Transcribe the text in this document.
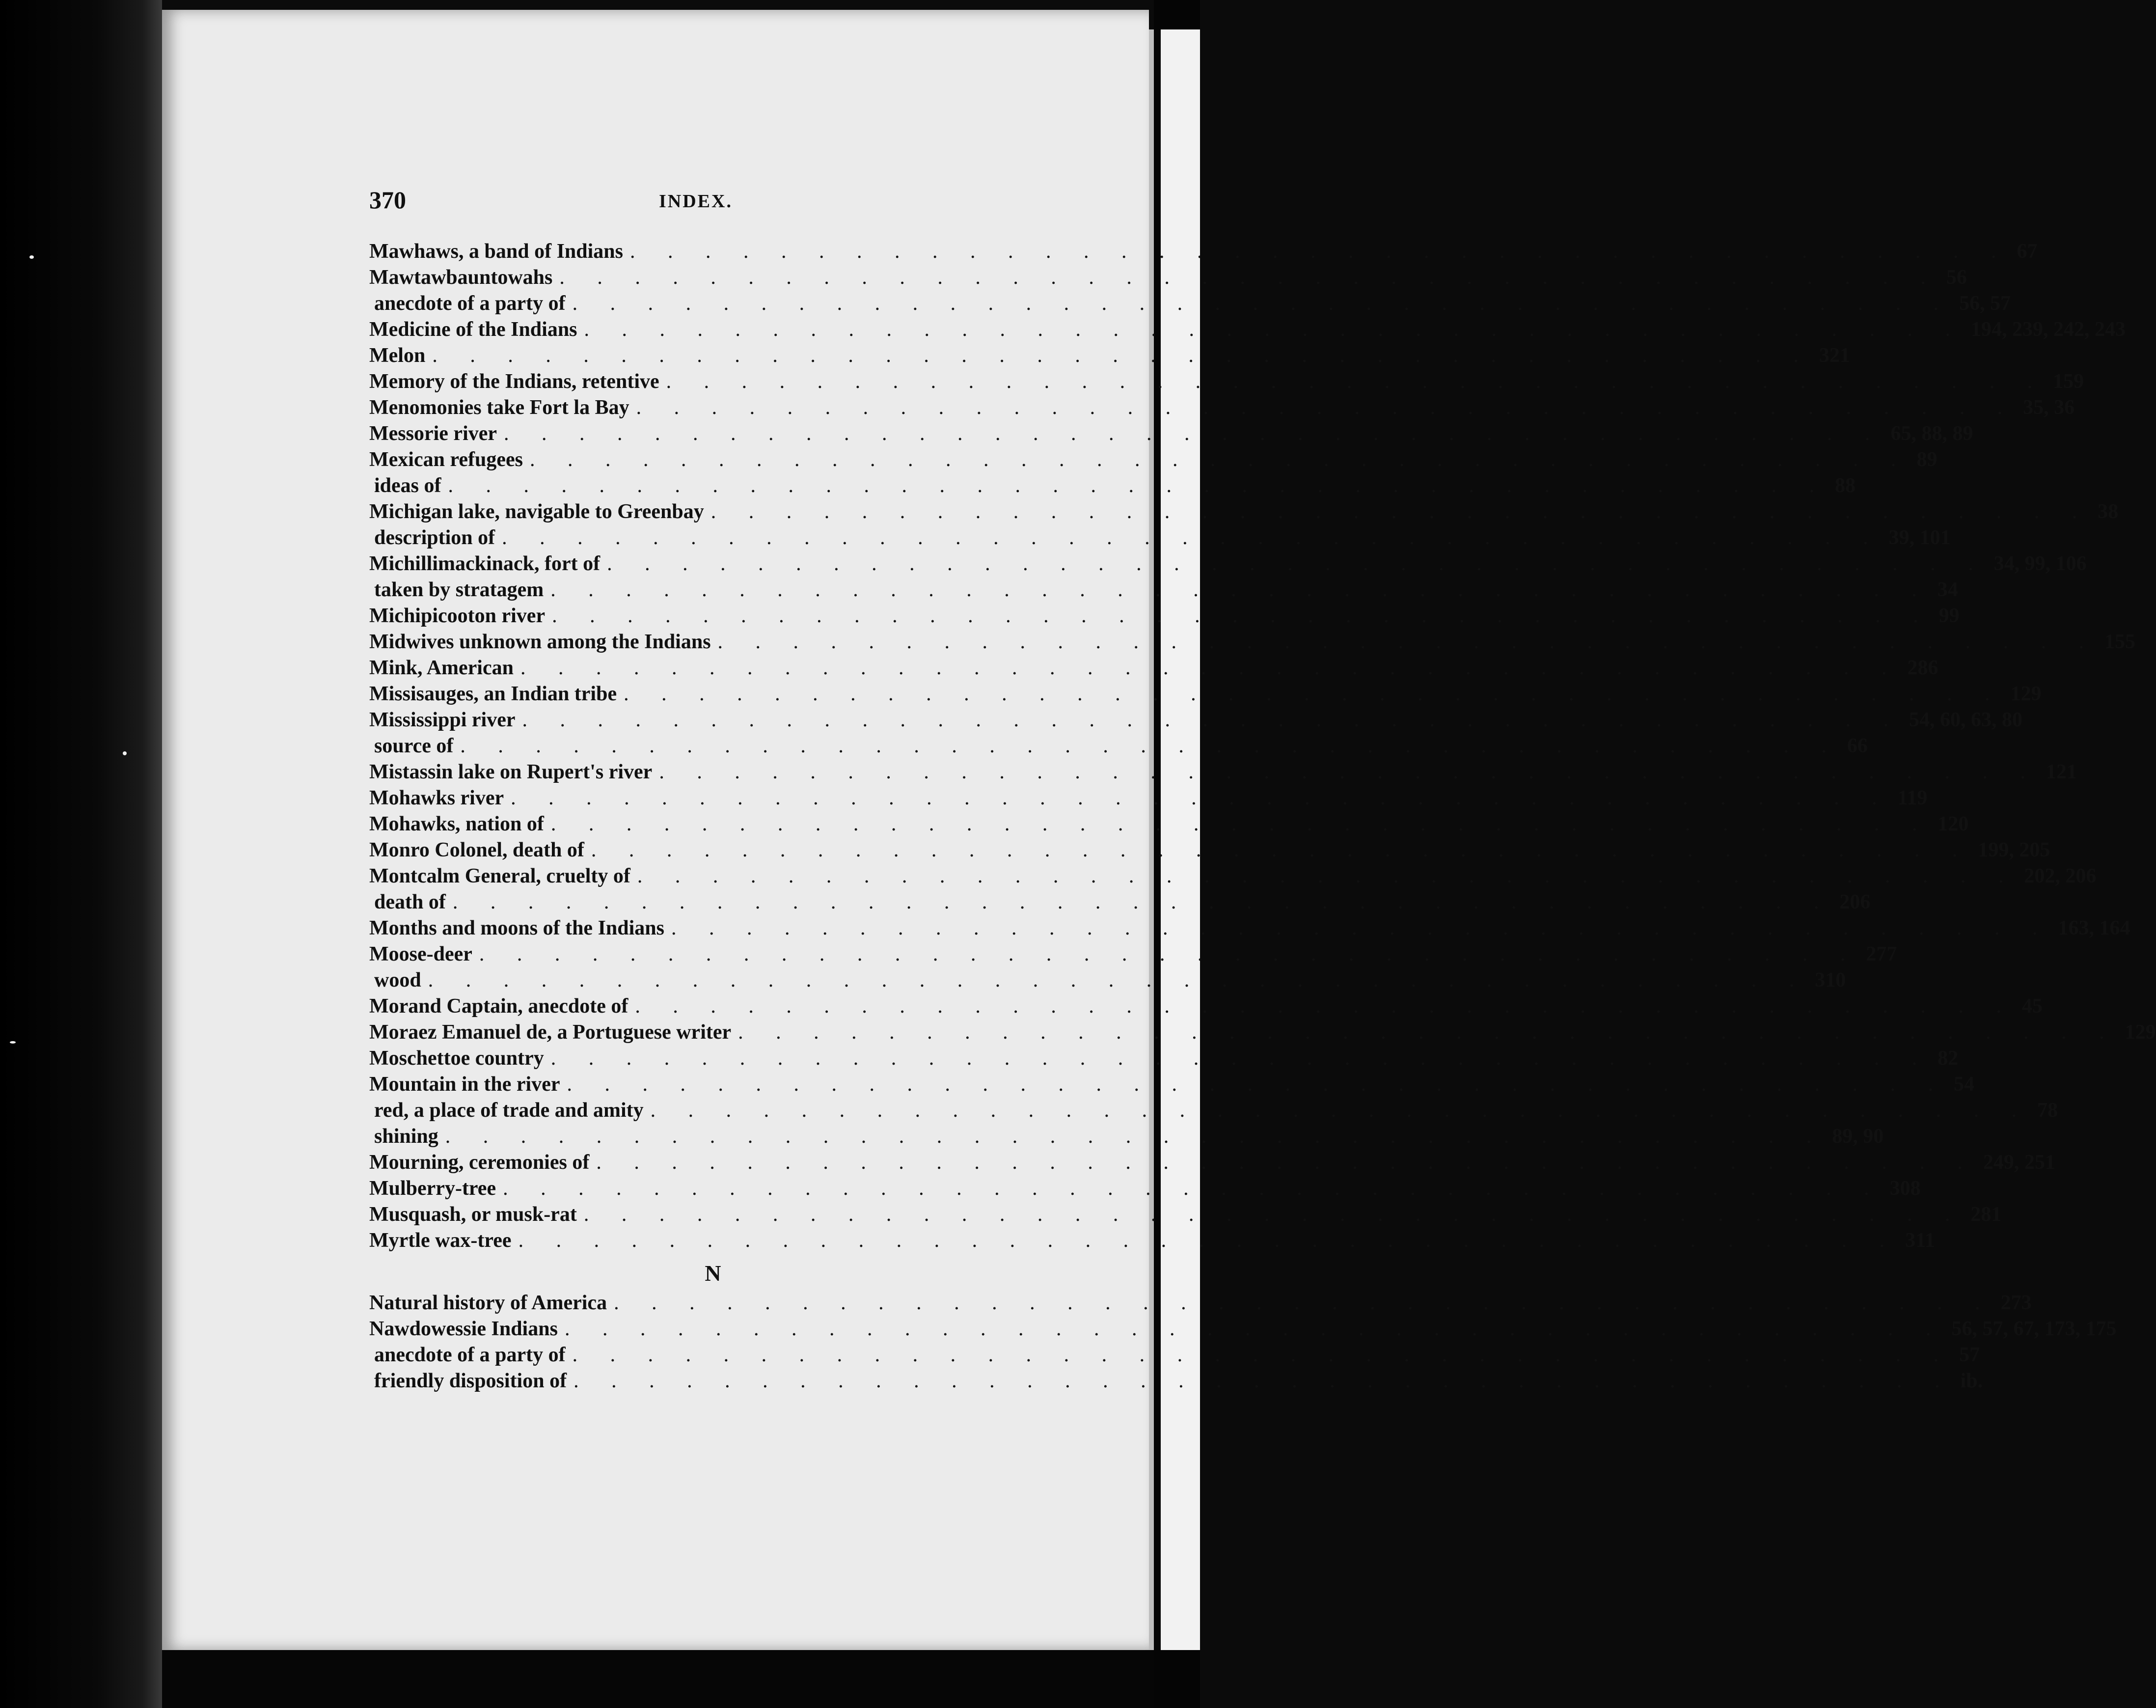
370	INDEX.
Mawhaws, a band of Indians . . . . . . . . . . . . . . . . . . . . . . . . . . . . . . . . . . . . . 67
Mawtawbauntowahs . . . . . . . . . . . . . . . . . . . . . . . . . . . . . . . . . . . . . 56
anecdote of a party of . . . . . . . . . . . . . . . . . . . . . . . . . . . . . . . . . . . . . 56, 57
Medicine of the Indians . . . . . . . . . . . . . . . . . . . . . . . . . . . . . . . . . . . . . 194, 239, 242, 243
Melon . . . . . . . . . . . . . . . . . . . . . . . . . . . . . . . . . . . . . 321
Memory of the Indians, retentive . . . . . . . . . . . . . . . . . . . . . . . . . . . . . . . . . . . . . 159
Menomonies take Fort la Bay . . . . . . . . . . . . . . . . . . . . . . . . . . . . . . . . . . . . . 35, 36
Messorie river . . . . . . . . . . . . . . . . . . . . . . . . . . . . . . . . . . . . . 65, 88, 89
Mexican refugees . . . . . . . . . . . . . . . . . . . . . . . . . . . . . . . . . . . . . 89
ideas of . . . . . . . . . . . . . . . . . . . . . . . . . . . . . . . . . . . . . 88
Michigan lake, navigable to Greenbay . . . . . . . . . . . . . . . . . . . . . . . . . . . . . . . . . . . . . 38
description of . . . . . . . . . . . . . . . . . . . . . . . . . . . . . . . . . . . . . 39, 101
Michillimackinack, fort of . . . . . . . . . . . . . . . . . . . . . . . . . . . . . . . . . . . . . 34, 99, 106
taken by stratagem . . . . . . . . . . . . . . . . . . . . . . . . . . . . . . . . . . . . . 34
Michipicooton river . . . . . . . . . . . . . . . . . . . . . . . . . . . . . . . . . . . . . 99
Midwives unknown among the Indians . . . . . . . . . . . . . . . . . . . . . . . . . . . . . . . . . . . . . 155
Mink, American . . . . . . . . . . . . . . . . . . . . . . . . . . . . . . . . . . . . . 286
Missisauges, an Indian tribe . . . . . . . . . . . . . . . . . . . . . . . . . . . . . . . . . . . . . 129
Mississippi river . . . . . . . . . . . . . . . . . . . . . . . . . . . . . . . . . . . . . 54, 60, 63, 80
source of . . . . . . . . . . . . . . . . . . . . . . . . . . . . . . . . . . . . . 66
Mistassin lake on Rupert's river . . . . . . . . . . . . . . . . . . . . . . . . . . . . . . . . . . . . . 121
Mohawks river . . . . . . . . . . . . . . . . . . . . . . . . . . . . . . . . . . . . . 119
Mohawks, nation of . . . . . . . . . . . . . . . . . . . . . . . . . . . . . . . . . . . . . 120
Monro Colonel, death of . . . . . . . . . . . . . . . . . . . . . . . . . . . . . . . . . . . . . 199, 205
Montcalm General, cruelty of . . . . . . . . . . . . . . . . . . . . . . . . . . . . . . . . . . . . . 202, 206
death of . . . . . . . . . . . . . . . . . . . . . . . . . . . . . . . . . . . . . 206
Months and moons of the Indians . . . . . . . . . . . . . . . . . . . . . . . . . . . . . . . . . . . . . 163, 164
Moose-deer . . . . . . . . . . . . . . . . . . . . . . . . . . . . . . . . . . . . . 277
wood . . . . . . . . . . . . . . . . . . . . . . . . . . . . . . . . . . . . . 310
Morand Captain, anecdote of . . . . . . . . . . . . . . . . . . . . . . . . . . . . . . . . . . . . . 45
Moraez Emanuel de, a Portuguese writer . . . . . . . . . . . . . . . . . . . . . . . . . . . . . . . . . . . . . 129
Moschettoe country . . . . . . . . . . . . . . . . . . . . . . . . . . . . . . . . . . . . . 82
Mountain in the river . . . . . . . . . . . . . . . . . . . . . . . . . . . . . . . . . . . . . 54
red, a place of trade and amity . . . . . . . . . . . . . . . . . . . . . . . . . . . . . . . . . . . . . 78
shining . . . . . . . . . . . . . . . . . . . . . . . . . . . . . . . . . . . . . 89, 90
Mourning, ceremonies of . . . . . . . . . . . . . . . . . . . . . . . . . . . . . . . . . . . . . 249, 251
Mulberry-tree . . . . . . . . . . . . . . . . . . . . . . . . . . . . . . . . . . . . . 308
Musquash, or musk-rat . . . . . . . . . . . . . . . . . . . . . . . . . . . . . . . . . . . . . 281
Myrtle wax-tree . . . . . . . . . . . . . . . . . . . . . . . . . . . . . . . . . . . . . 311
N
Natural history of America . . . . . . . . . . . . . . . . . . . . . . . . . . . . . . . . . . . . . 273
Nawdowessie Indians . . . . . . . . . . . . . . . . . . . . . . . . . . . . . . . . . . . . . 56, 57, 67, 173, 175
anecdote of a party of . . . . . . . . . . . . . . . . . . . . . . . . . . . . . . . . . . . . . 57
friendly disposition of . . . . . . . . . . . . . . . . . . . . . . . . . . . . . . . . . . . . . ib.
